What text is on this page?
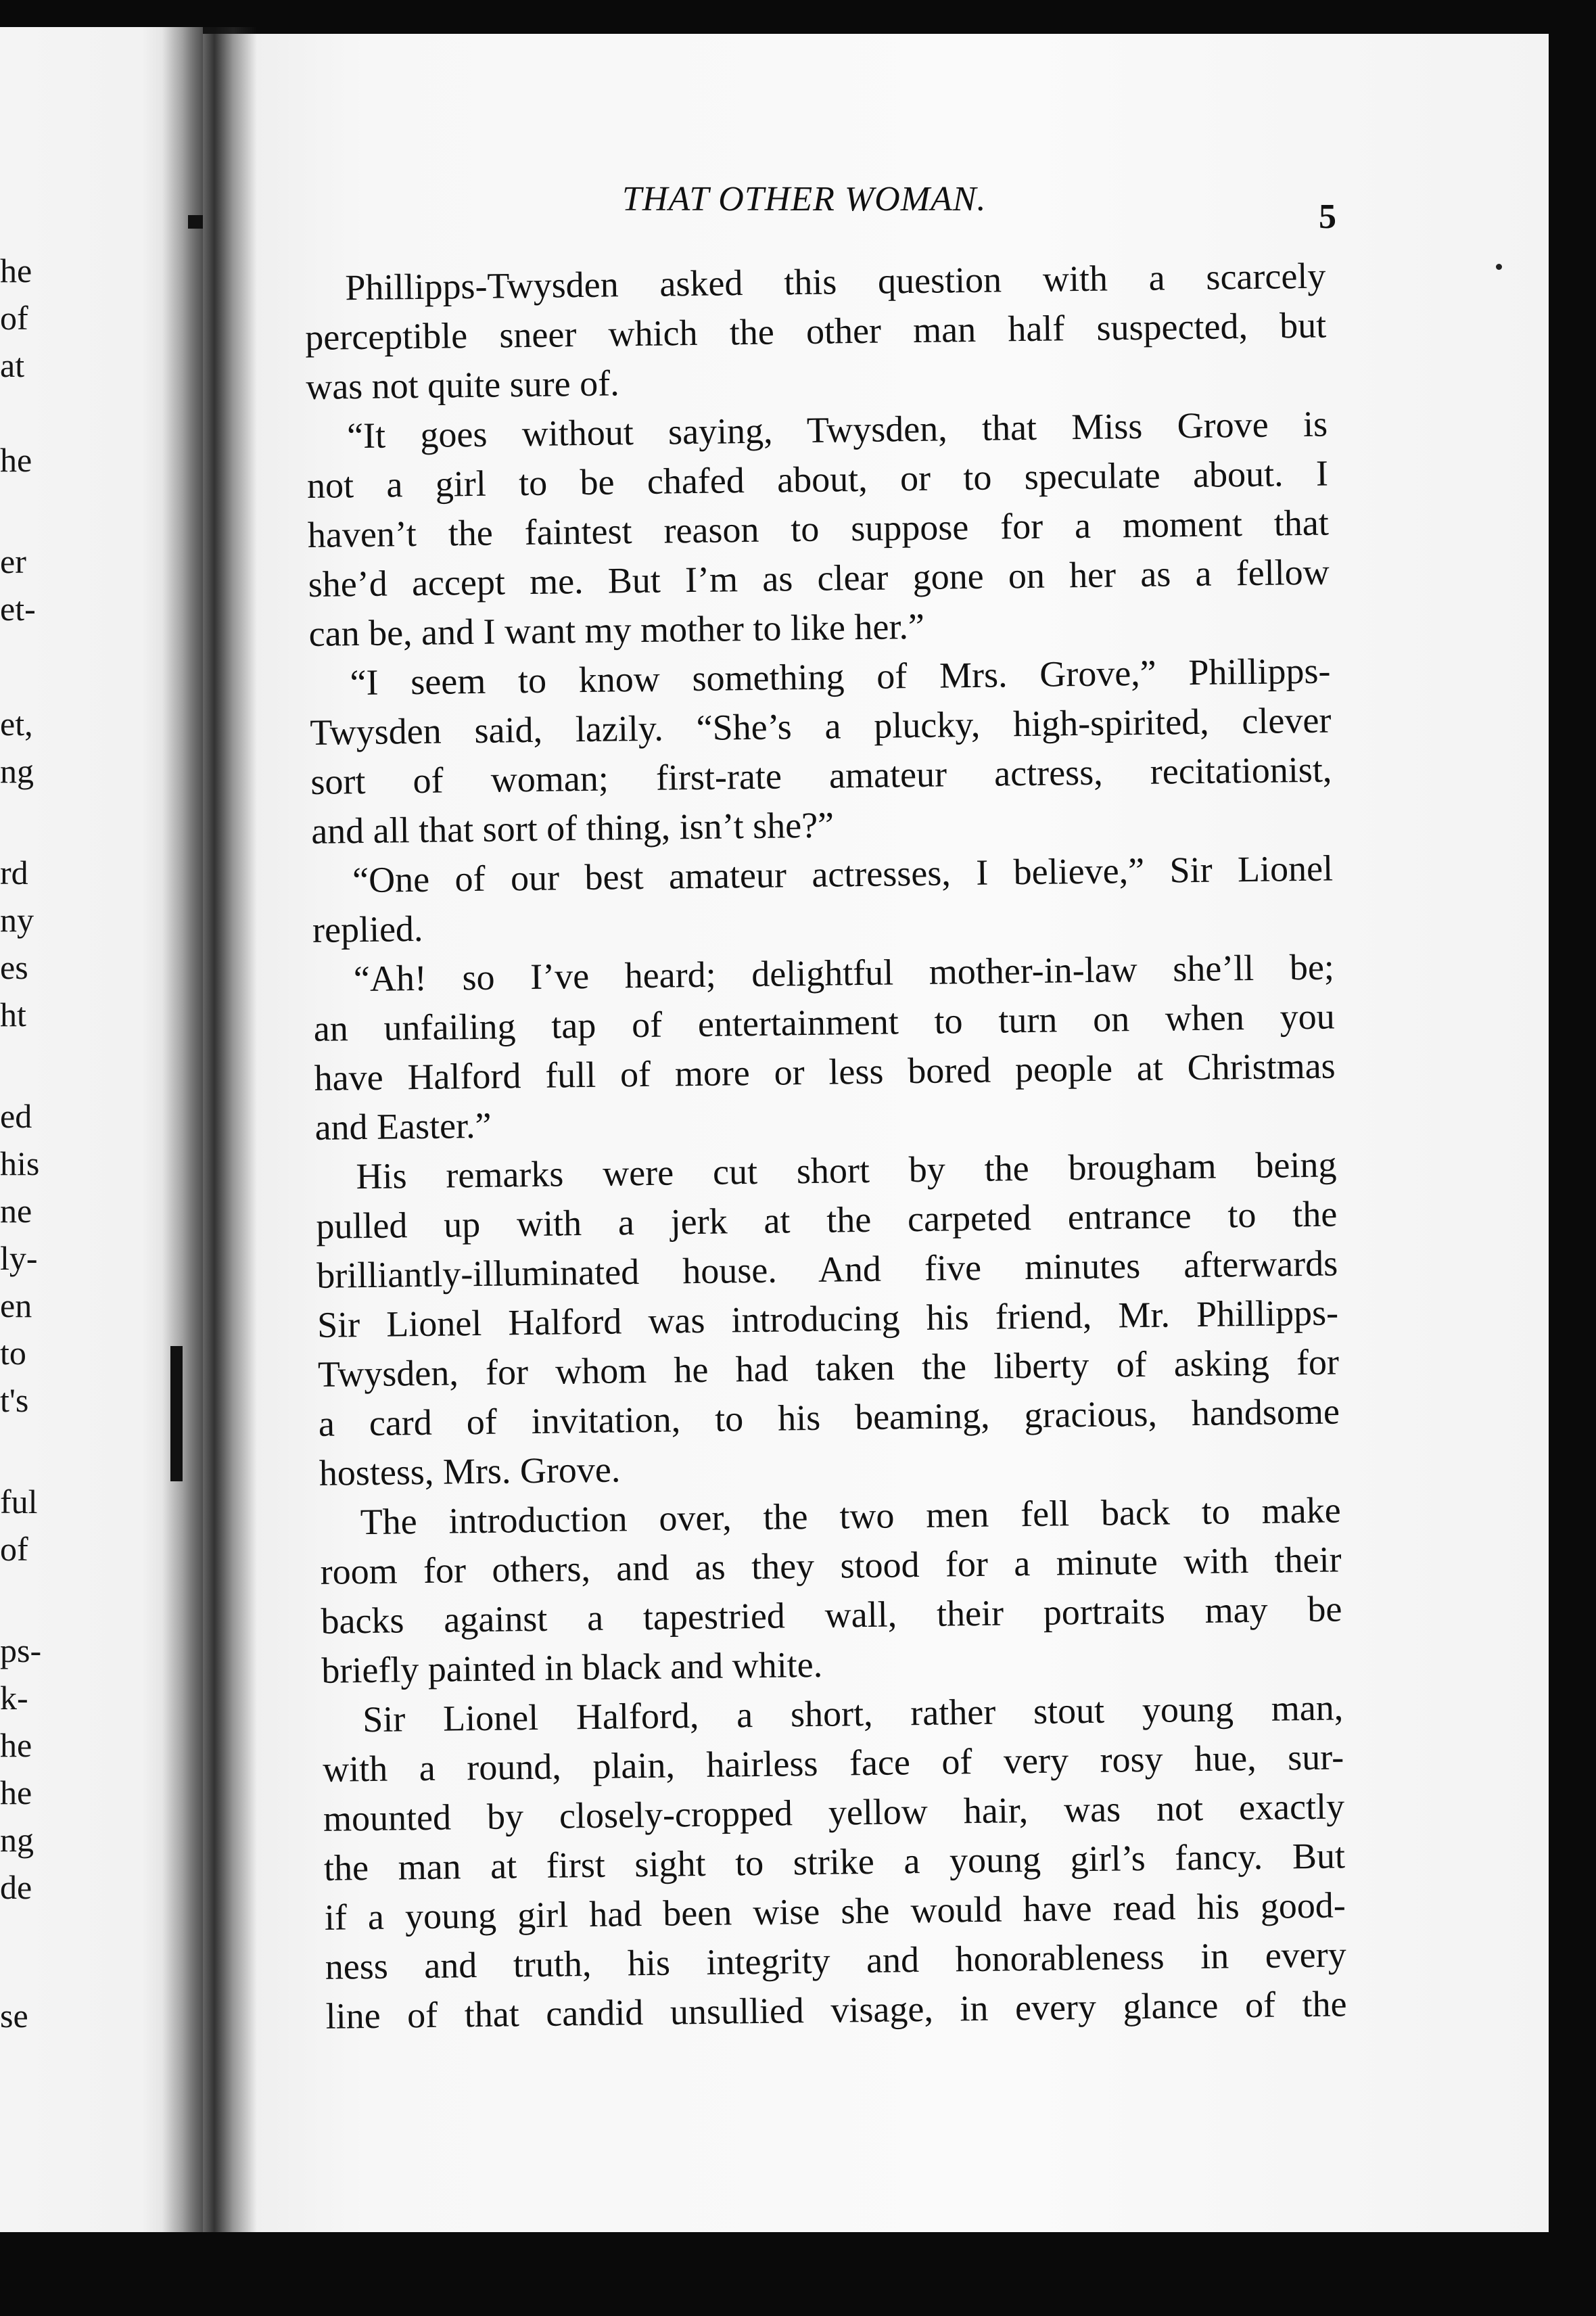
he
of
at
he
er
et-
et,
ng
rd
ny
es
ht
ed
his
ne
ly-
en
to
t's
ful
of
ps-
k-
he
he
ng
de
se
THAT OTHER WOMAN.	5
Phillipps-Twysden asked this question with a scarcely
perceptible sneer which the other man half suspected, but
was not quite sure of.
“It goes without saying, Twysden, that Miss Grove is
not a girl to be chafed about, or to speculate about. I
haven’t the faintest reason to suppose for a moment that
she’d accept me. But I’m as clear gone on her as a fellow
can be, and I want my mother to like her.”
“I seem to know something of Mrs. Grove,” Phillipps-
Twysden said, lazily. “She’s a plucky, high-spirited, clever
sort of woman; first-rate amateur actress, recitationist,
and all that sort of thing, isn’t she?”
“One of our best amateur actresses, I believe,” Sir Lionel
replied.
“Ah! so I’ve heard; delightful mother-in-law she’ll be;
an unfailing tap of entertainment to turn on when you
have Halford full of more or less bored people at Christmas
and Easter.”
His remarks were cut short by the brougham being
pulled up with a jerk at the carpeted entrance to the
brilliantly-illuminated house. And five minutes afterwards
Sir Lionel Halford was introducing his friend, Mr. Phillipps-
Twysden, for whom he had taken the liberty of asking for
a card of invitation, to his beaming, gracious, handsome
hostess, Mrs. Grove.
The introduction over, the two men fell back to make
room for others, and as they stood for a minute with their
backs against a tapestried wall, their portraits may be
briefly painted in black and white.
Sir Lionel Halford, a short, rather stout young man,
with a round, plain, hairless face of very rosy hue, sur-
mounted by closely-cropped yellow hair, was not exactly
the man at first sight to strike a young girl’s fancy. But
if a young girl had been wise she would have read his good-
ness and truth, his integrity and honorableness in every
line of that candid unsullied visage, in every glance of the
